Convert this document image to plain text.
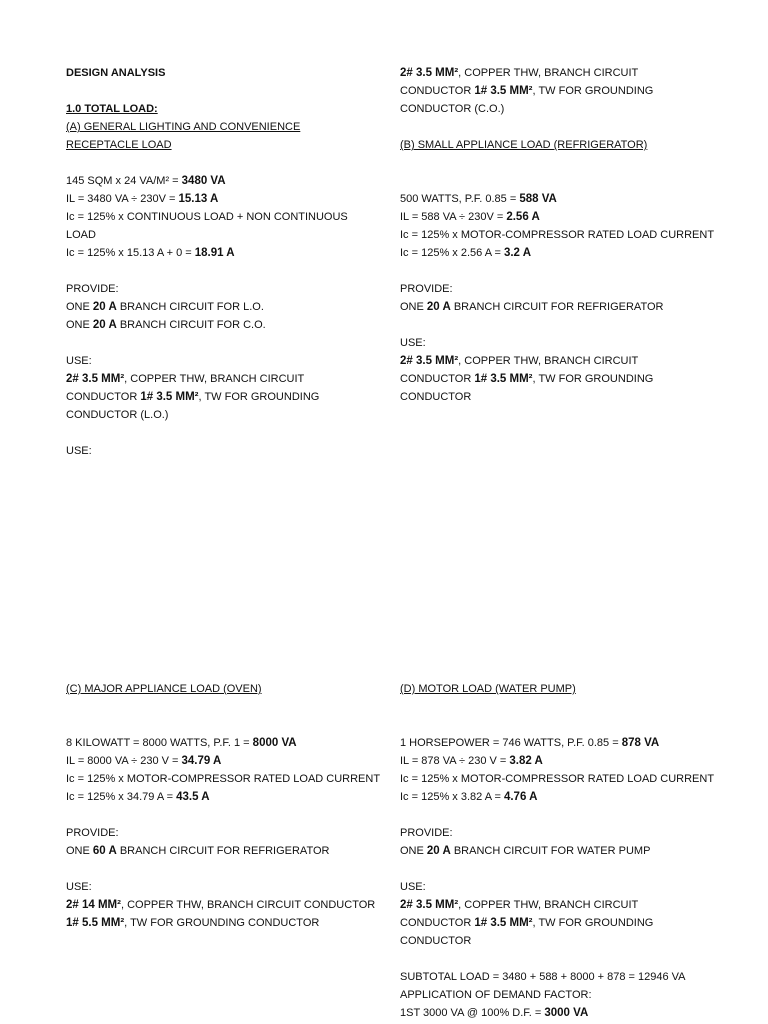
DESIGN ANALYSIS
1.0 TOTAL LOAD:
(A) GENERAL LIGHTING AND CONVENIENCE RECEPTACLE LOAD
145 SQM x 24 VA/M² = 3480 VA
IL = 3480 VA ÷ 230V = 15.13 A
Ic = 125% x CONTINUOUS LOAD + NON CONTINUOUS LOAD
Ic = 125% x 15.13 A + 0 = 18.91 A
PROVIDE:
ONE 20 A BRANCH CIRCUIT FOR L.O.
ONE 20 A BRANCH CIRCUIT FOR C.O.
USE:
2# 3.5 MM², COPPER THW, BRANCH CIRCUIT
CONDUCTOR 1# 3.5 MM², TW FOR GROUNDING
CONDUCTOR (L.O.)
USE:
2# 3.5 MM², COPPER THW, BRANCH CIRCUIT
CONDUCTOR 1# 3.5 MM², TW FOR GROUNDING
CONDUCTOR (C.O.)
(B) SMALL APPLIANCE LOAD (REFRIGERATOR)
500 WATTS, P.F. 0.85 = 588 VA
IL = 588 VA ÷ 230V = 2.56 A
Ic = 125% x MOTOR-COMPRESSOR RATED LOAD CURRENT
Ic = 125% x 2.56 A = 3.2 A
PROVIDE:
ONE 20 A BRANCH CIRCUIT FOR REFRIGERATOR
USE:
2# 3.5 MM², COPPER THW, BRANCH CIRCUIT
CONDUCTOR 1# 3.5 MM², TW FOR GROUNDING
CONDUCTOR
(C) MAJOR APPLIANCE LOAD (OVEN)
8 KILOWATT = 8000 WATTS, P.F. 1 = 8000 VA
IL = 8000 VA ÷ 230 V = 34.79 A
Ic = 125% x MOTOR-COMPRESSOR RATED LOAD CURRENT
Ic = 125% x 34.79 A = 43.5 A
PROVIDE:
ONE 60 A BRANCH CIRCUIT FOR REFRIGERATOR
USE:
2# 14 MM², COPPER THW, BRANCH CIRCUIT CONDUCTOR
1# 5.5 MM², TW FOR GROUNDING CONDUCTOR
(D) MOTOR LOAD (WATER PUMP)
1 HORSEPOWER = 746 WATTS, P.F. 0.85 = 878 VA
IL = 878 VA ÷ 230 V = 3.82 A
Ic = 125% x MOTOR-COMPRESSOR RATED LOAD CURRENT
Ic = 125% x 3.82 A = 4.76 A
PROVIDE:
ONE 20 A BRANCH CIRCUIT FOR WATER PUMP
USE:
2# 3.5 MM², COPPER THW, BRANCH CIRCUIT
CONDUCTOR 1# 3.5 MM², TW FOR GROUNDING
CONDUCTOR
SUBTOTAL LOAD = 3480 + 588 + 8000 + 878 = 12946 VA
APPLICATION OF DEMAND FACTOR:
1ST 3000 VA @ 100% D.F. = 3000 VA
